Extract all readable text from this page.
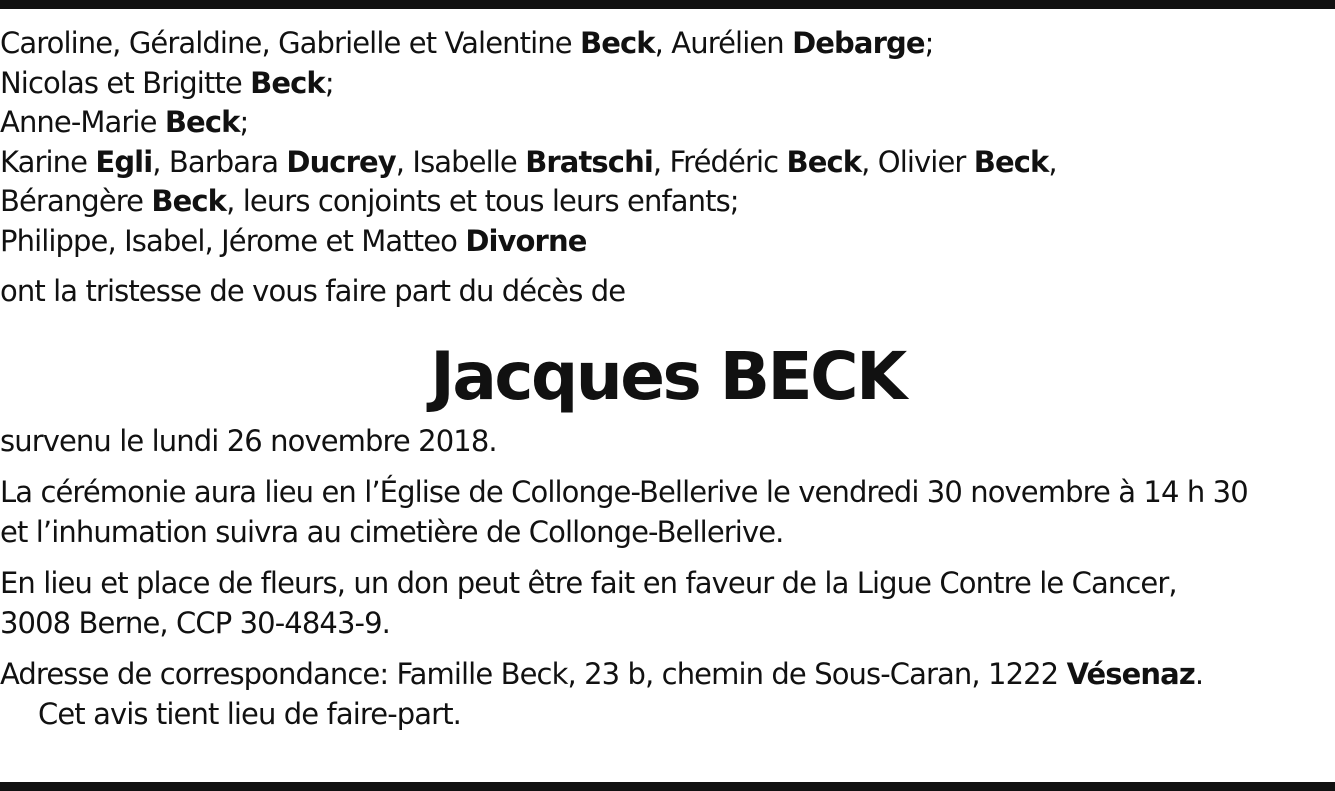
Caroline, Géraldine, Gabrielle et Valentine Beck, Aurélien Debarge;

Nicolas et Brigitte Beck;

Anne-Marie Beck;

Karine Egli, Barbara Ducrey, Isabelle Bratschi, Frédéric Beck, Olivier Beck,

Bérangère Beck, leurs conjoints et tous leurs enfants;

Philippe, Isabel, Jérome et Matteo Divorne

ont la tristesse de vous faire part du décès de

Jacques BECK

survenu le lundi 26 novembre 2018.

La cérémonie aura lieu en l’Église de Collonge-Bellerive le vendredi 30 novembre à 14 h 30

et l’inhumation suivra au cimetière de Collonge-Bellerive.

En lieu et place de fleurs, un don peut être fait en faveur de la Ligue Contre le Cancer,

3008 Berne, CCP 30-4843-9.

Adresse de correspondance: Famille Beck, 23 b, chemin de Sous-Caran, 1222 Vésenaz.

Cet avis tient lieu de faire-part.
